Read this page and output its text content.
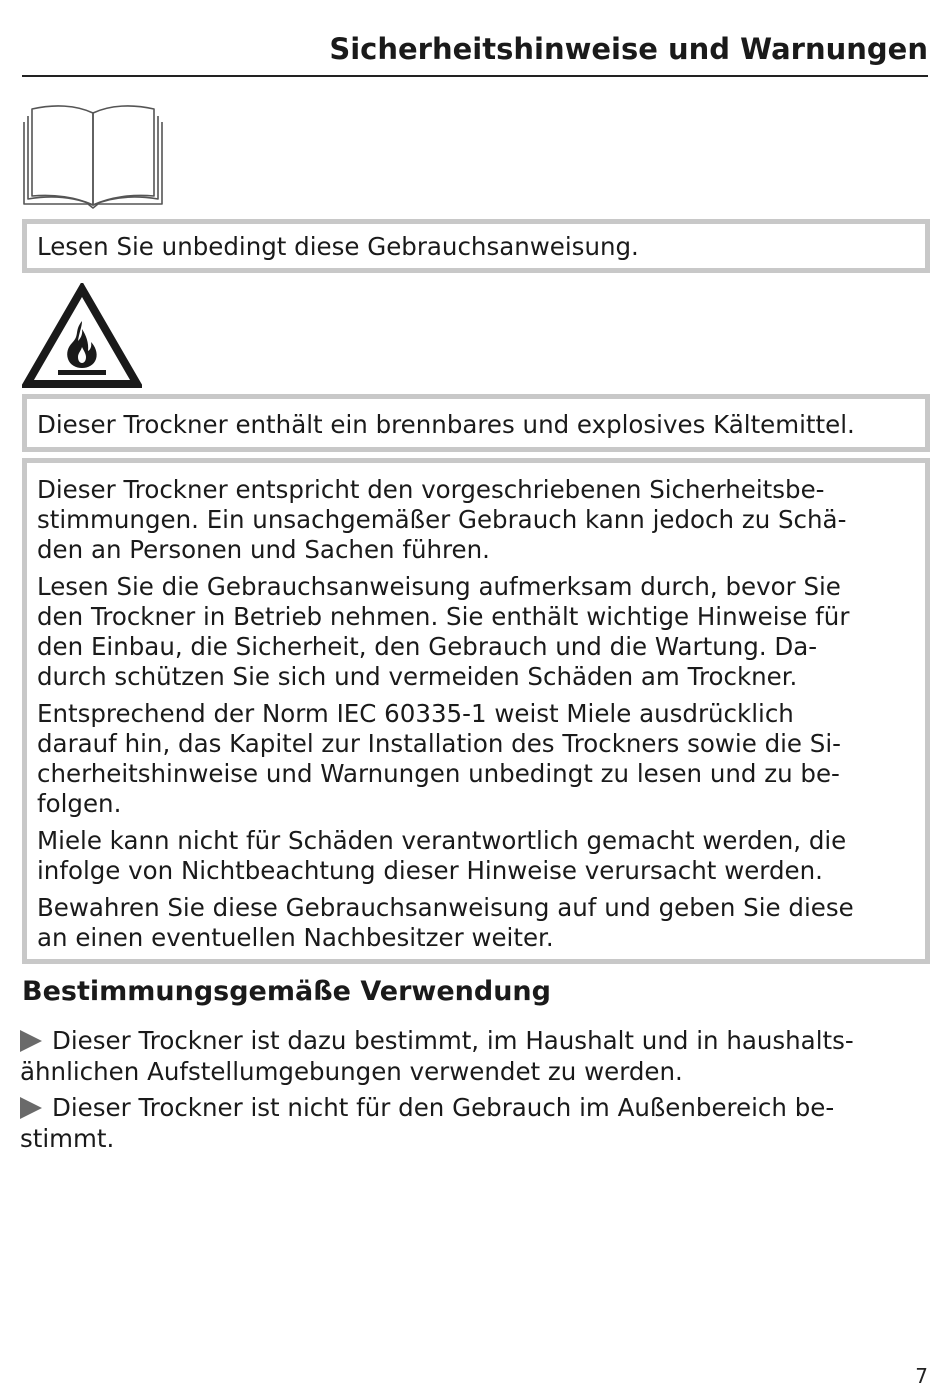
Sicherheitshinweise und Warnungen
Lesen Sie unbedingt diese Gebrauchsanweisung.
Dieser Trockner enthält ein brennbares und explosives Kältemittel.

Dieser Trockner entspricht den vorgeschriebenen Sicherheitsbe-
stimmungen. Ein unsachgemäßer Gebrauch kann jedoch zu Schä-
den an Personen und Sachen führen.

Lesen Sie die Gebrauchsanweisung aufmerksam durch, bevor Sie
den Trockner in Betrieb nehmen. Sie enthält wichtige Hinweise für
den Einbau, die Sicherheit, den Gebrauch und die Wartung. Da-
durch schützen Sie sich und vermeiden Schäden am Trockner.

Entsprechend der Norm IEC 60335-1 weist Miele ausdrücklich
darauf hin, das Kapitel zur Installation des Trockners sowie die Si-
cherheitshinweise und Warnungen unbedingt zu lesen und zu be-
folgen.

Miele kann nicht für Schäden verantwortlich gemacht werden, die
infolge von Nichtbeachtung dieser Hinweise verursacht werden.

Bewahren Sie diese Gebrauchsanweisung auf und geben Sie diese
an einen eventuellen Nachbesitzer weiter.

Bestimmungsgemäße Verwendung
Dieser Trockner ist dazu bestimmt, im Haushalt und in haushalts-
ähnlichen Aufstellumgebungen verwendet zu werden.
Dieser Trockner ist nicht für den Gebrauch im Außenbereich be-
stimmt.
7
